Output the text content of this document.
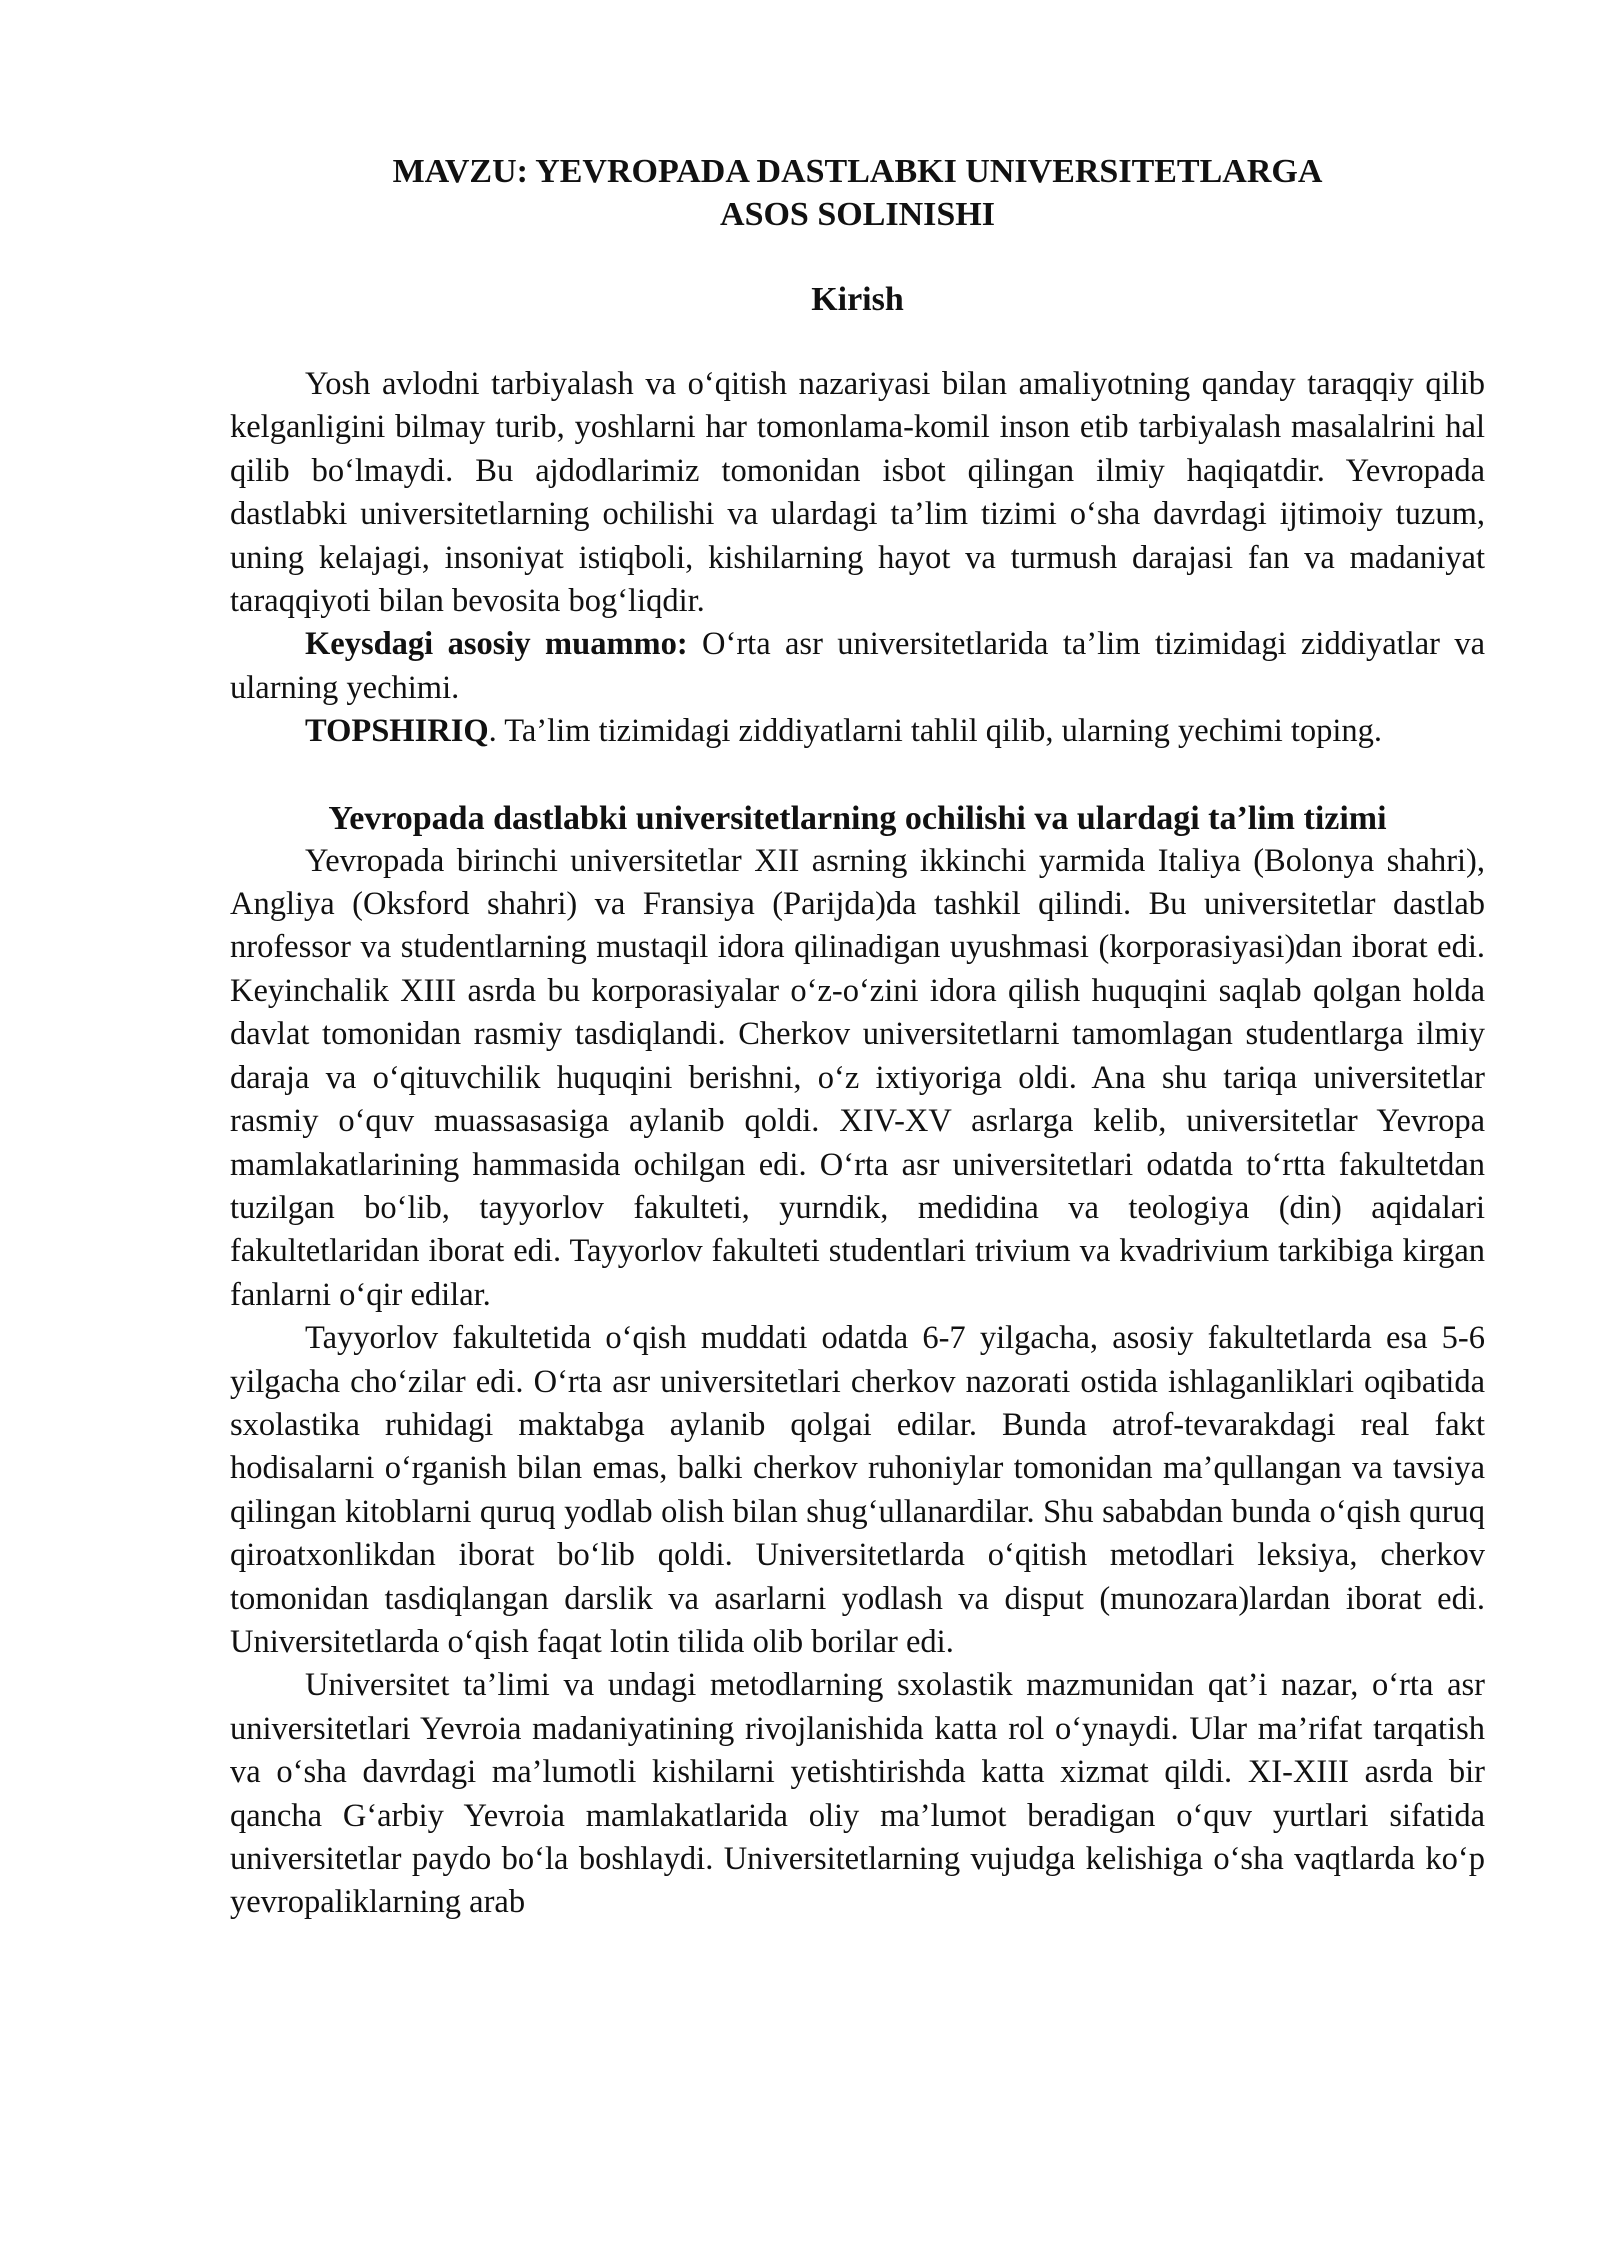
MAVZU: YEVROPADA DASTLABKI UNIVERSITETLARGA
ASOS SOLINISHI
Kirish

Yosh avlodni tarbiyalash va o‘qitish nazariyasi bilan amaliyotning qanday taraqqiy qilib kelganligini bilmay turib, yoshlarni har tomonlama-komil inson etib tarbiyalash masalalrini hal qilib bo‘lmaydi. Bu ajdodlarimiz tomonidan isbot qilingan ilmiy haqiqatdir. Yevropada dastlabki universitetlarning ochilishi va ulardagi ta’lim tizimi o‘sha davrdagi ijtimoiy tuzum, uning kelajagi, insoniyat istiqboli, kishilarning hayot va turmush darajasi fan va madaniyat taraqqiyoti bilan bevosita bog‘liqdir.

Keysdagi asosiy muammo: O‘rta asr universitetlarida ta’lim tizimidagi ziddiyatlar va ularning yechimi.

TOPSHIRIQ. Ta’lim tizimidagi ziddiyatlarni tahlil qilib, ularning yechimi toping.

Yevropada dastlabki universitetlarning ochilishi va ulardagi ta’lim tizimi

Yevropada birinchi universitetlar XII asrning ikkinchi yarmida Italiya (Bolonya shahri), Angliya (Oksford shahri) va Fransiya (Parijda)da tashkil qilindi. Bu universitetlar dastlab nrofessor va studentlarning mustaqil idora qilinadigan uyushmasi (korporasiyasi)dan iborat edi. Keyinchalik XIII asrda bu korporasiyalar o‘z-o‘zini idora qilish huquqini saqlab qolgan holda davlat tomonidan rasmiy tasdiqlandi. Cherkov universitetlarni tamomlagan studentlarga ilmiy daraja va o‘qituvchilik huquqini berishni, o‘z ixtiyoriga oldi. Ana shu tariqa universitetlar rasmiy o‘quv muassasasiga aylanib qoldi. XIV-XV asrlarga kelib, universitetlar Yevropa mamlakatlarining hammasida ochilgan edi. O‘rta asr universitetlari odatda to‘rtta fakultetdan tuzilgan bo‘lib, tayyorlov fakulteti, yurndik, medidina va teologiya (din) aqidalari fakultetlaridan iborat edi. Tayyorlov fakulteti studentlari trivium va kvadrivium tarkibiga kirgan fanlarni o‘qir edilar.

Tayyorlov fakultetida o‘qish muddati odatda 6-7 yilgacha, asosiy fakultetlarda esa 5-6 yilgacha cho‘zilar edi. O‘rta asr universitetlari cherkov nazorati ostida ishlaganliklari oqibatida sxolastika ruhidagi maktabga aylanib qolgai edilar. Bunda atrof-tevarakdagi real fakt hodisalarni o‘rganish bilan emas, balki cherkov ruhoniylar tomonidan ma’qullangan va tavsiya qilingan kitoblarni quruq yodlab olish bilan shug‘ullanardilar. Shu sababdan bunda o‘qish quruq qiroatxonlikdan iborat bo‘lib qoldi. Universitetlarda o‘qitish metodlari leksiya, cherkov tomonidan tasdiqlangan darslik va asarlarni yodlash va disput (munozara)lardan iborat edi. Universitetlarda o‘qish faqat lotin tilida olib borilar edi.

Universitet ta’limi va undagi metodlarning sxolastik mazmunidan qat’i nazar, o‘rta asr universitetlari Yevroia madaniyatining rivojlanishida katta rol o‘ynaydi. Ular ma’rifat tarqatish va o‘sha davrdagi ma’lumotli kishilarni yetishtirishda katta xizmat qildi. XI-XIII asrda bir qancha G‘arbiy Yevroia mamlakatlarida oliy ma’lumot beradigan o‘quv yurtlari sifatida universitetlar paydo bo‘la boshlaydi. Universitetlarning vujudga kelishiga o‘sha vaqtlarda ko‘p yevropaliklarning arab
